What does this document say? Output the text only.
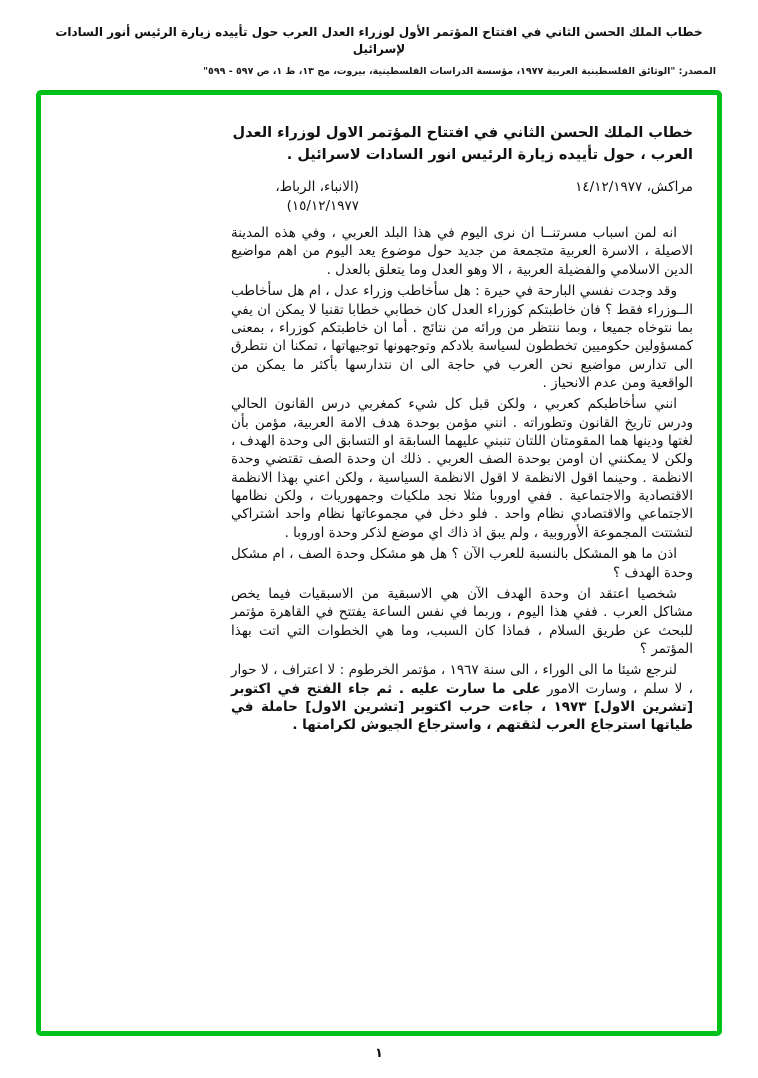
خطاب الملك الحسن الثاني في افتتاح المؤتمر الأول لوزراء العدل العرب حول تأييده زيارة الرئيس أنور السادات لإسرائيل
المصدر: "الوثائق الفلسطينية العربية ١٩٧٧، مؤسسة الدراسات الفلسطينية، بيروت، مج ١٣، ط ١، ص ٥٩٧ - ٥٩٩"
خطاب الملك الحسن الثاني في افتتاح المؤتمر الاول لوزراء العدل العرب ، حول تأييده زيارة الرئيس انور السادات لاسرائيل .
مراكش، ١٤/١٢/١٩٧٧
(الانباء، الرباط، ١٥/١٢/١٩٧٧)

انه لمن اسباب مسرتنــا ان نرى اليوم في هذا البلد العربي ، وفي هذه المدينة الاصيلة ، الاسرة العربية متجمعة من جديد حول موضوع يعد اليوم من اهم مواضيع الدين الاسلامي والفضيلة العربية ، الا وهو العدل وما يتعلق بالعدل .

وقد وجدت نفسي البارحة في حيرة : هل سأخاطب وزراء عدل ، ام هل سأخاطب الــوزراء فقط ؟ فان خاطبتكم كوزراء العدل كان خطابي خطابا تقنيا لا يمكن ان يفي بما نتوخاه جميعا ، وبما ننتظر من ورائه من نتائج . أما ان خاطبتكم كوزراء ، بمعنى كمسؤولين حكوميين تخططون لسياسة بلادكم وتوجهونها توجيهاتها ، تمكنا ان نتطرق الى تدارس مواضيع نحن العرب في حاجة الى ان نتدارسها بأكثر ما يمكن من الواقعية ومن عدم الانحياز .

انني سأخاطبكم كعربي ، ولكن قبل كل شيء كمغربي درس القانون الحالي ودرس تاريخ القانون وتطوراته . انني مؤمن بوحدة هدف الامة العربية، مؤمن بأن لغتها ودينها هما المقومتان اللتان تنبني عليهما السابقة او التسابق الى وحدة الهدف ، ولكن لا يمكنني ان اومن بوحدة الصف العربي . ذلك ان وحدة الصف تقتضي وحدة الانظمة . وحينما اقول الانظمة لا اقول الانظمة السياسية ، ولكن اعني بهذا الانظمة الاقتصادية والاجتماعية . ففي اوروبا مثلا نجد ملكيات وجمهوريات ، ولكن نظامها الاجتماعي والاقتصادي نظام واحد . فلو دخل في مجموعاتها نظام واحد اشتراكي لتشتتت المجموعة الأوروبية ، ولم يبق اذ ذاك اي موضع لذكر وحدة اوروبا .

اذن ما هو المشكل بالنسبة للعرب الآن ؟ هل هو مشكل وحدة الصف ، ام مشكل وحدة الهدف ؟

شخصيا اعتقد ان وحدة الهدف الآن هي الاسبقية من الاسبقيات فيما يخص مشاكل العرب . ففي هذا اليوم ، وربما في نفس الساعة يفتتح في القاهرة مؤتمر للبحث عن طريق السلام ، فماذا كان السبب، وما هي الخطوات التي اتت بهذا المؤتمر ؟

لنرجع شيئا ما الى الوراء ، الى سنة ١٩٦٧ ، مؤتمر الخرطوم : لا اعتراف ، لا حوار ، لا سلم ، وسارت الامور على ما سارت عليه . ثم جاء الفتح في اكتوبر [تشرين الاول] ١٩٧٣ ، جاءت حرب اكتوبر [تشرين الاول] حاملة في طياتها استرجاع العرب لثقتهم ، واسترجاع الجيوش لكرامتها .

١
